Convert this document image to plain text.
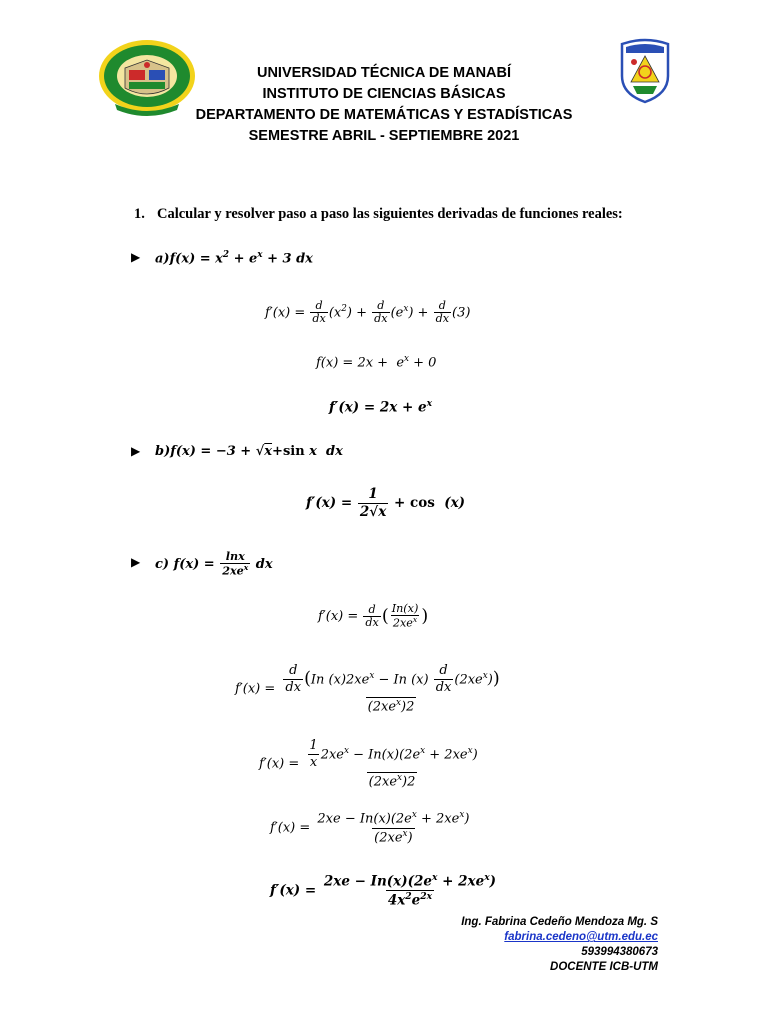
UNIVERSIDAD TÉCNICA DE MANABÍ
INSTITUTO DE CIENCIAS BÁSICAS
DEPARTAMENTO DE MATEMÁTICAS Y ESTADÍSTICAS
SEMESTRE ABRIL - SEPTIEMBRE 2021
1. Calcular y resolver paso a paso las siguientes derivadas de funciones reales:
▶ $a)f(x) = x^2 + e^x + 3$ dx
$f'(x) = \frac{d}{dx} (x^2) + \frac{d}{dx} (e^x) + \frac{d}{dx} (3)$
$f(x) = 2x + e^x + 0$
$f'(x) = 2x + e^x$
▶ b)f(x) = −3 + √x+sin x  dx
$f'(x) = \frac{1}{2√x} + \cos (x)$
▶ c) $f(x) = \frac{\ln x}{2xe^x}$ dx
$f'(x) = \frac{d}{dx}$ ( $\frac{In(x)}{2xe^x}$ )
$f'(x) = \frac{\frac{d}{dx} (In (x)2xe^x - In (x) \frac{d}{dx} (2xe^x))}{(2xe^x)2}$
$f'(x) = \frac{\frac{1}{x} 2xe^x - In(x)(2e^x + 2xe^x)}{(2xe^x)2}$
$f'(x) = \frac{2xe - In(x)(2e^x + 2xe^x)}{(2xe^x)}$
$f'(x) = \frac{2xe - In(x)(2e^x + 2xe^x)}{4x^2e^{2x}}$
Ing. Fabrina Cedeño Mendoza Mg. S
fabrina.cedeno@utm.edu.ec
593994380673
DOCENTE ICB-UTM
